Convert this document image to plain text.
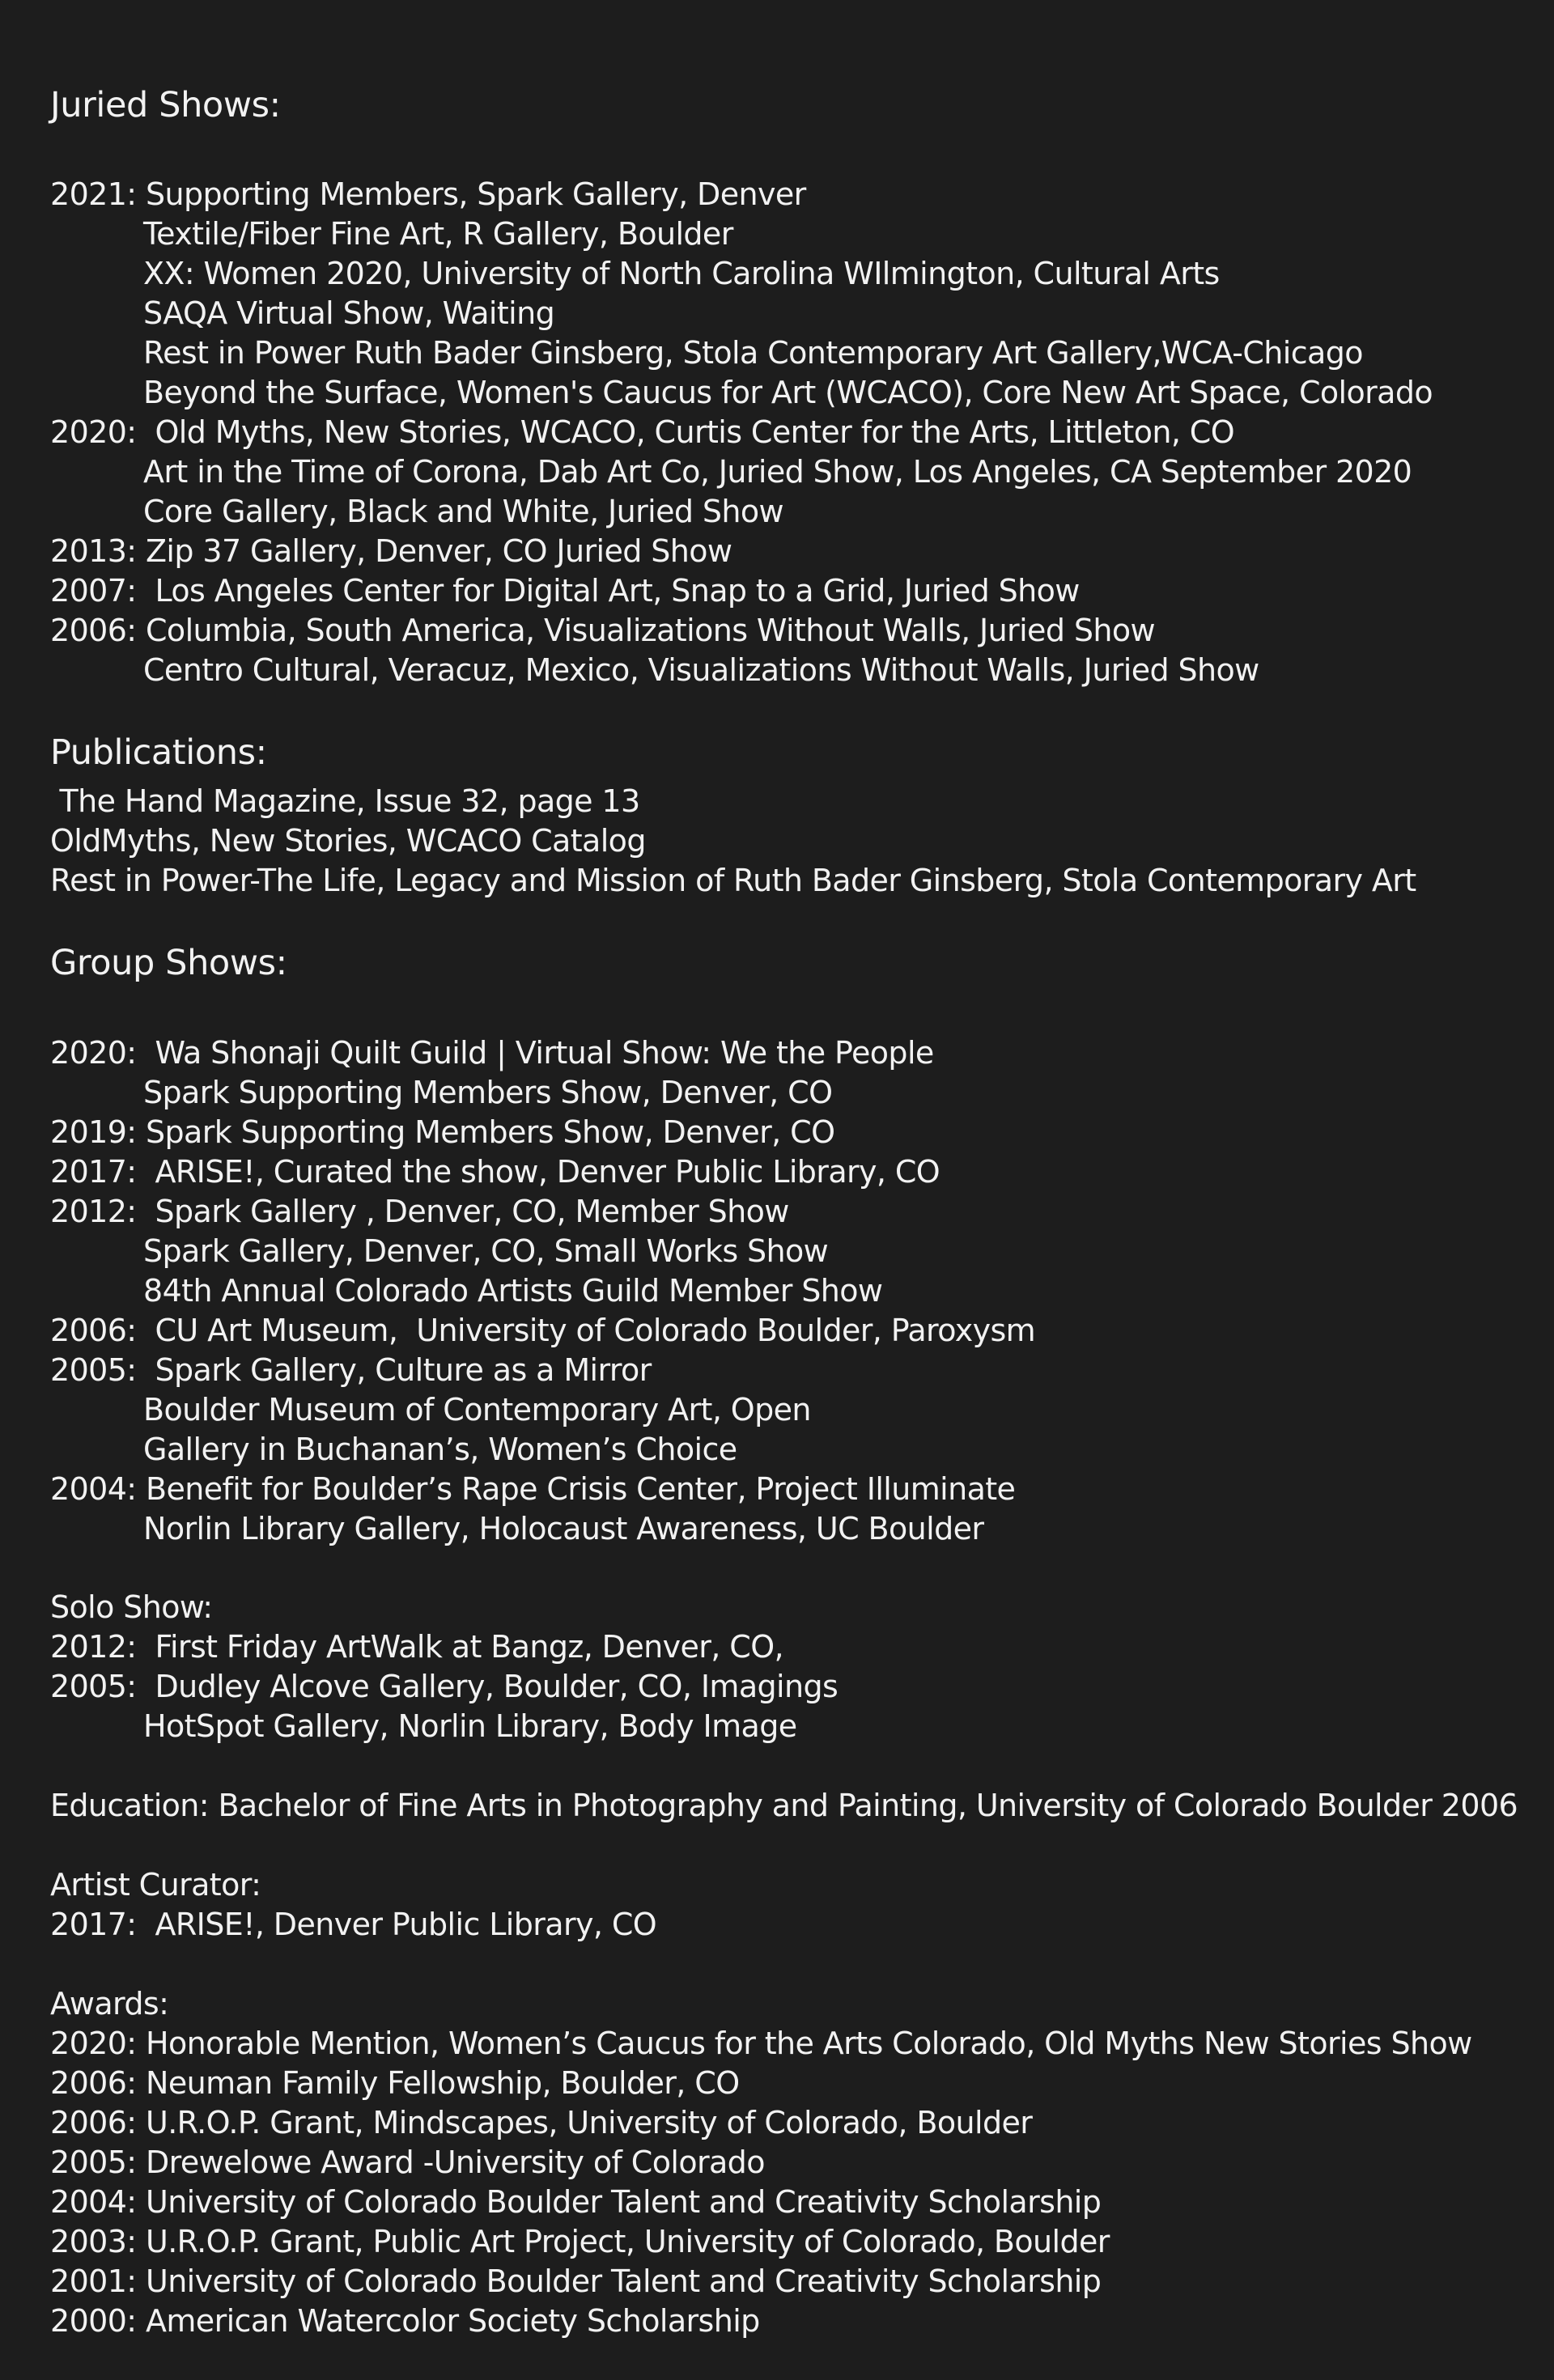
Juried Shows:
2021: Supporting Members, Spark Gallery, Denver
Textile/Fiber Fine Art, R Gallery, Boulder
XX: Women 2020, University of North Carolina WIlmington, Cultural Arts
SAQA Virtual Show, Waiting
Rest in Power Ruth Bader Ginsberg, Stola Contemporary Art Gallery,WCA-Chicago
Beyond the Surface, Women's Caucus for Art (WCACO), Core New Art Space, Colorado
2020:  Old Myths, New Stories, WCACO, Curtis Center for the Arts, Littleton, CO
Art in the Time of Corona, Dab Art Co, Juried Show, Los Angeles, CA September 2020
Core Gallery, Black and White, Juried Show
2013: Zip 37 Gallery, Denver, CO Juried Show
2007:  Los Angeles Center for Digital Art, Snap to a Grid, Juried Show
2006: Columbia, South America, Visualizations Without Walls, Juried Show
Centro Cultural, Veracuz, Mexico, Visualizations Without Walls, Juried Show
Publications:
The Hand Magazine, Issue 32, page 13
OldMyths, New Stories, WCACO Catalog
Rest in Power-The Life, Legacy and Mission of Ruth Bader Ginsberg, Stola Contemporary Art
Group Shows:
2020:  Wa Shonaji Quilt Guild | Virtual Show: We the People
Spark Supporting Members Show, Denver, CO
2019: Spark Supporting Members Show, Denver, CO
2017:  ARISE!, Curated the show, Denver Public Library, CO
2012:  Spark Gallery , Denver, CO, Member Show
Spark Gallery, Denver, CO, Small Works Show
84th Annual Colorado Artists Guild Member Show
2006:  CU Art Museum,  University of Colorado Boulder, Paroxysm
2005:  Spark Gallery, Culture as a Mirror
Boulder Museum of Contemporary Art, Open
Gallery in Buchanan’s, Women’s Choice
2004: Benefit for Boulder’s Rape Crisis Center, Project Illuminate
Norlin Library Gallery, Holocaust Awareness, UC Boulder
Solo Show:
2012:  First Friday ArtWalk at Bangz, Denver, CO,
2005:  Dudley Alcove Gallery, Boulder, CO, Imagings
HotSpot Gallery, Norlin Library, Body Image
Education: Bachelor of Fine Arts in Photography and Painting, University of Colorado Boulder 2006
Artist Curator:
2017:  ARISE!, Denver Public Library, CO
Awards:
2020: Honorable Mention, Women’s Caucus for the Arts Colorado, Old Myths New Stories Show
2006: Neuman Family Fellowship, Boulder, CO
2006: U.R.O.P. Grant, Mindscapes, University of Colorado, Boulder
2005: Drewelowe Award -University of Colorado
2004: University of Colorado Boulder Talent and Creativity Scholarship
2003: U.R.O.P. Grant, Public Art Project, University of Colorado, Boulder
2001: University of Colorado Boulder Talent and Creativity Scholarship
2000: American Watercolor Society Scholarship
